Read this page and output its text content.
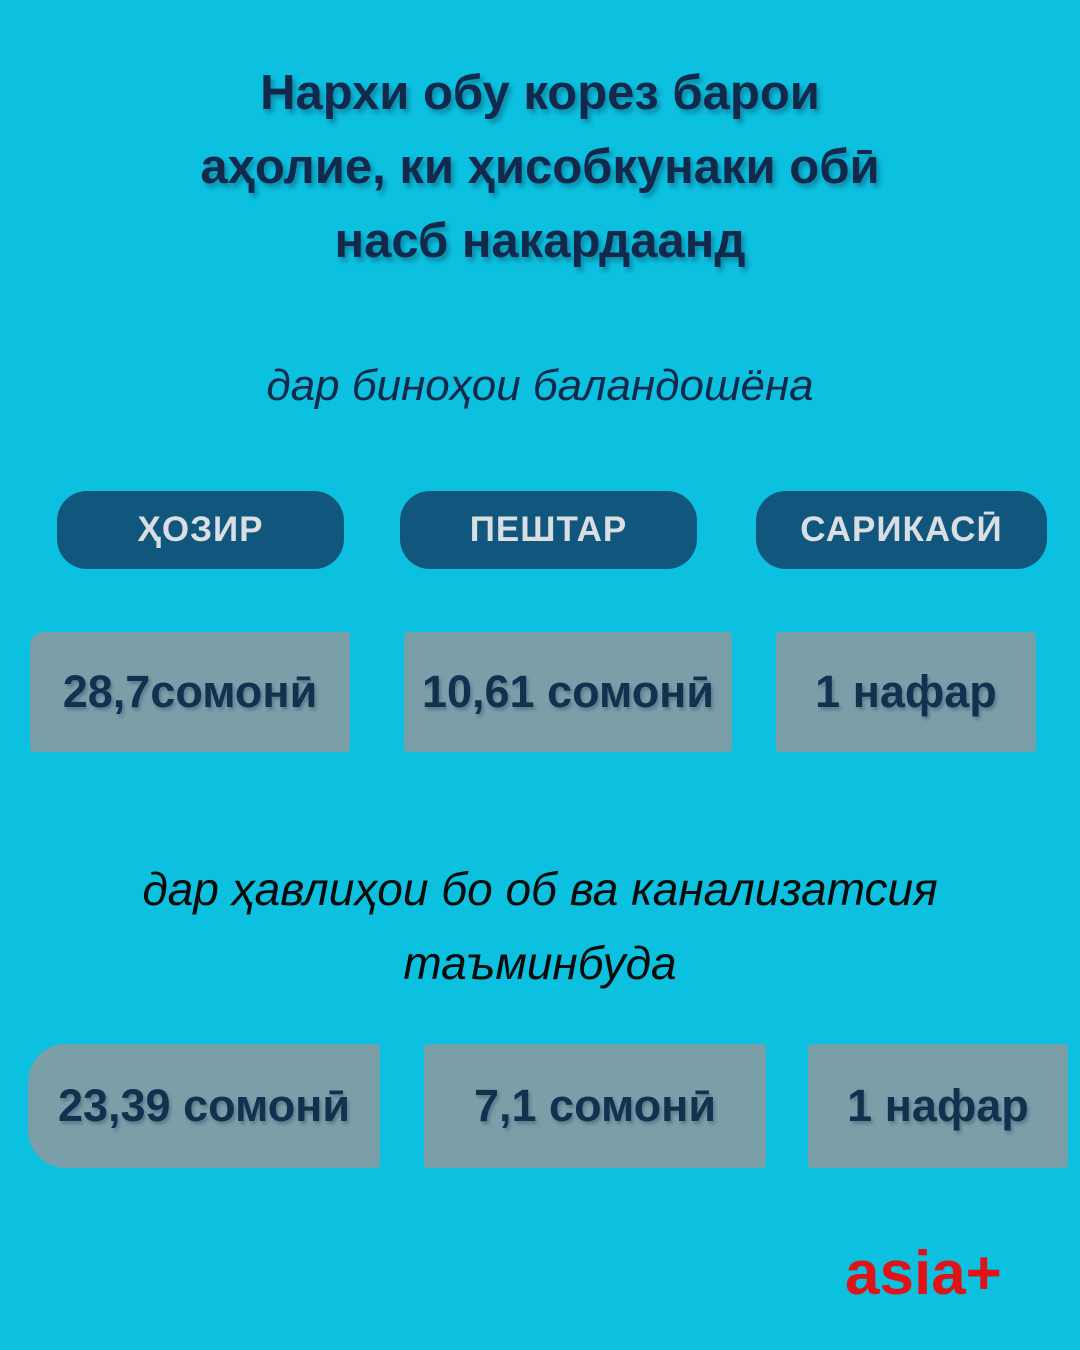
Нархи обу корез барои
аҳолие, ки ҳисобкунаки обӣ
насб накардаанд
дар биноҳои баландошёна
ҲОЗИР	ПЕШТАР	САРИКАСӢ
28,7сомонӣ	10,61 сомонӣ	1 нафар
дар ҳавлиҳои бо об ва канализатсия
таъминбуда
23,39 сомонӣ	7,1 сомонӣ	1 нафар
asia+
